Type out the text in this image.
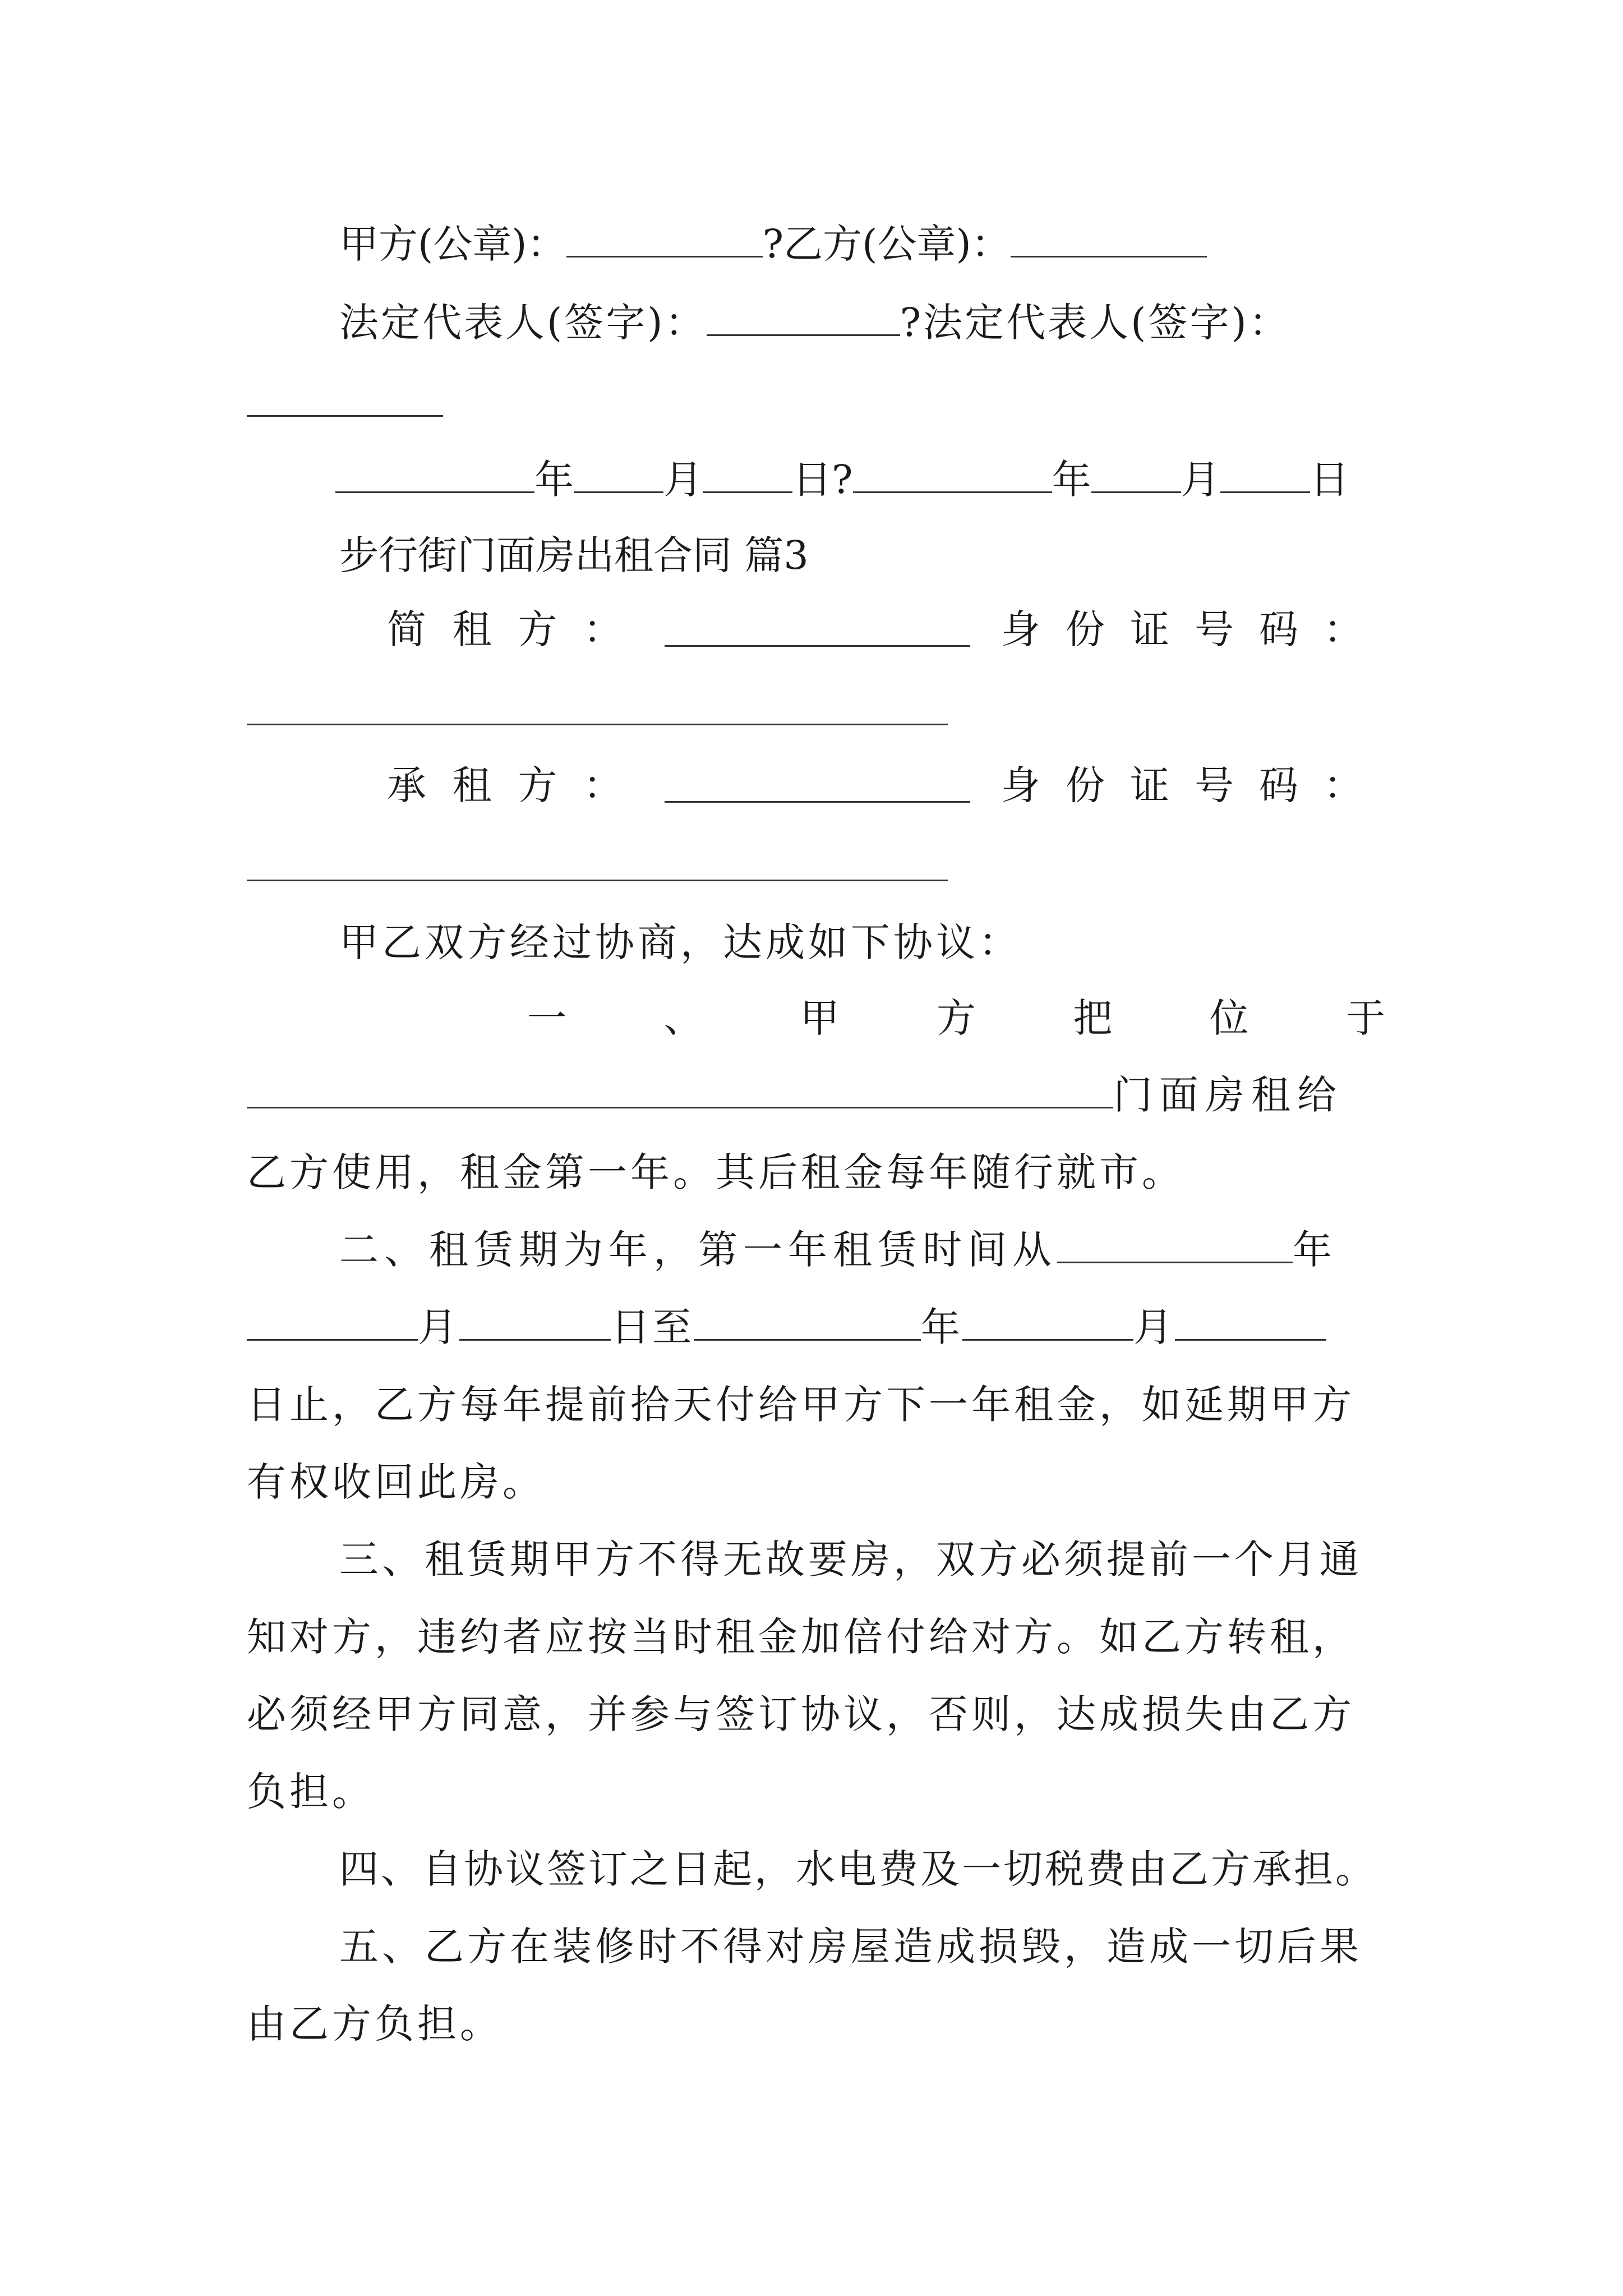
甲方(公章)：	?乙方(公章)：
法定代表人(签字)：	?法定代表人(签字)：
年 月 日?	年 月 日
步行街门面房出租合同 篇3
简 租 方 ：	身 份 证 号 码 ：
承 租 方 ：	身 份 证 号 码 ：
甲乙双方经过协商，达成如下协议：
一 、 甲 方 把 位 于
门面房租给
乙方使用，租金第一年。其后租金每年随行就市。
二、租赁期为年，第一年租赁时间从	年
月	日至	年	月
日止，乙方每年提前拾天付给甲方下一年租金，如延期甲方
有权收回此房。
三、租赁期甲方不得无故要房，双方必须提前一个月通
知对方，违约者应按当时租金加倍付给对方。如乙方转租，
必须经甲方同意，并参与签订协议，否则，达成损失由乙方
负担。
四、自协议签订之日起，水电费及一切税费由乙方承担。
五、乙方在装修时不得对房屋造成损毁，造成一切后果
由乙方负担。
